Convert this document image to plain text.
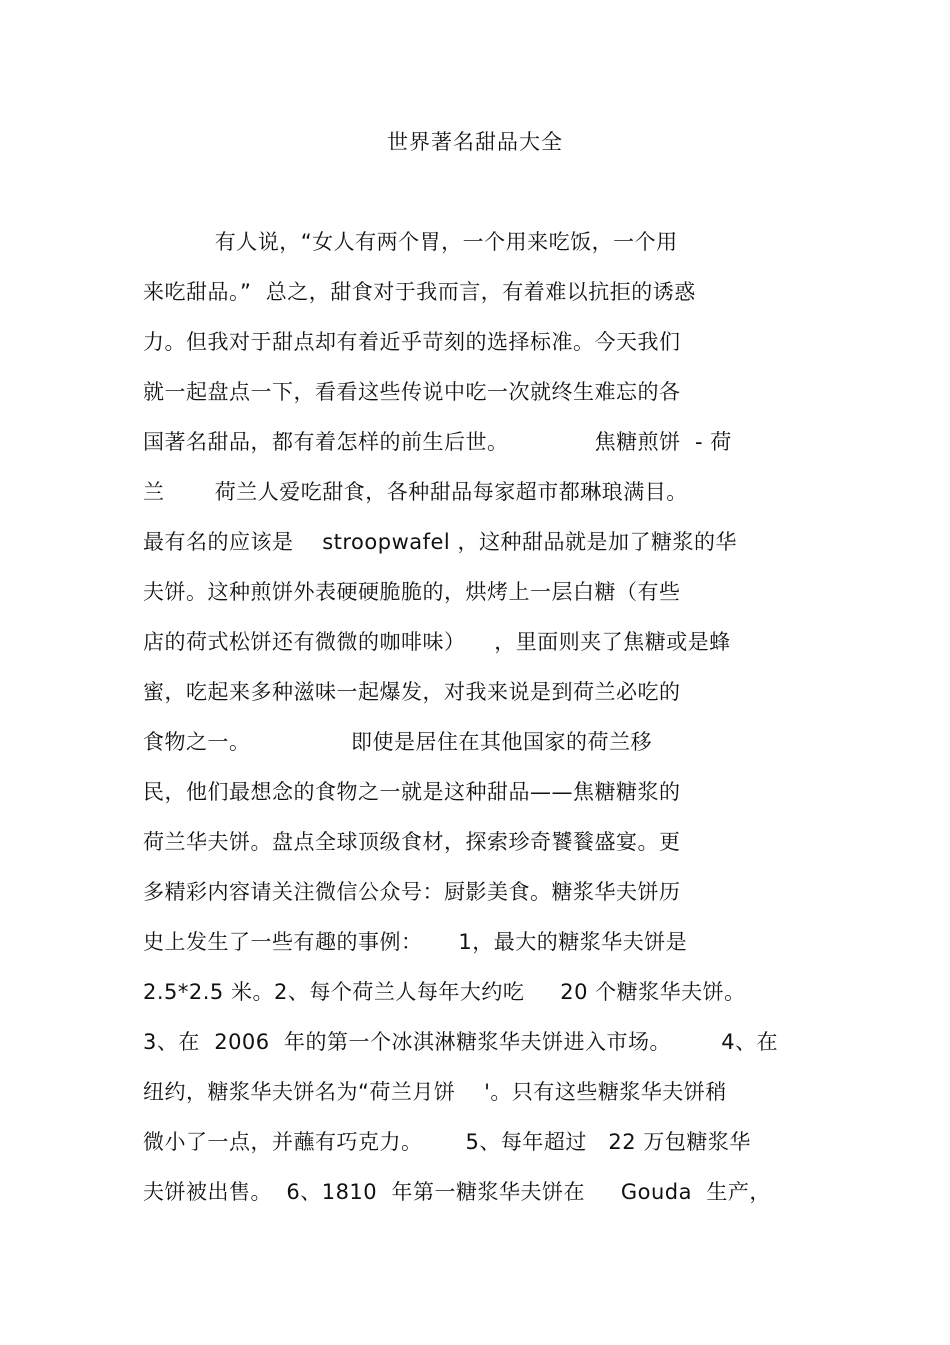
世界著名甜品大全
有人说，“女人有两个胃，一个用来吃饭，一个用
来吃甜品。”  总之，甜食对于我而言，有着难以抗拒的诱惑
力。但我对于甜点却有着近乎苛刻的选择标准。今天我们
就一起盘点一下，看看这些传说中吃一次就终生难忘的各
国著名甜品，都有着怎样的前生后世。            焦糖煎饼  - 荷
兰       荷兰人爱吃甜食，各种甜品每家超市都琳琅满目。
最有名的应该是    stroopwafel ，这种甜品就是加了糖浆的华
夫饼。这种煎饼外表硬硬脆脆的，烘烤上一层白糖（有些
店的荷式松饼还有微微的咖啡味）    ，里面则夹了焦糖或是蜂
蜜，吃起来多种滋味一起爆发，对我来说是到荷兰必吃的
食物之一。              即使是居住在其他国家的荷兰移
民，他们最想念的食物之一就是这种甜品——焦糖糖浆的
荷兰华夫饼。盘点全球顶级食材，探索珍奇饕餮盛宴。更
多精彩内容请关注微信公众号：厨影美食。糖浆华夫饼历
史上发生了一些有趣的事例：     1，最大的糖浆华夫饼是
2.5*2.5 米。2、每个荷兰人每年大约吃     20 个糖浆华夫饼。
3、在  2006  年的第一个冰淇淋糖浆华夫饼进入市场。       4、在
纽约，糖浆华夫饼名为“荷兰月饼    '。只有这些糖浆华夫饼稍
微小了一点，并蘸有巧克力。      5、每年超过   22 万包糖浆华
夫饼被出售。  6、1810  年第一糖浆华夫饼在     Gouda  生产，
